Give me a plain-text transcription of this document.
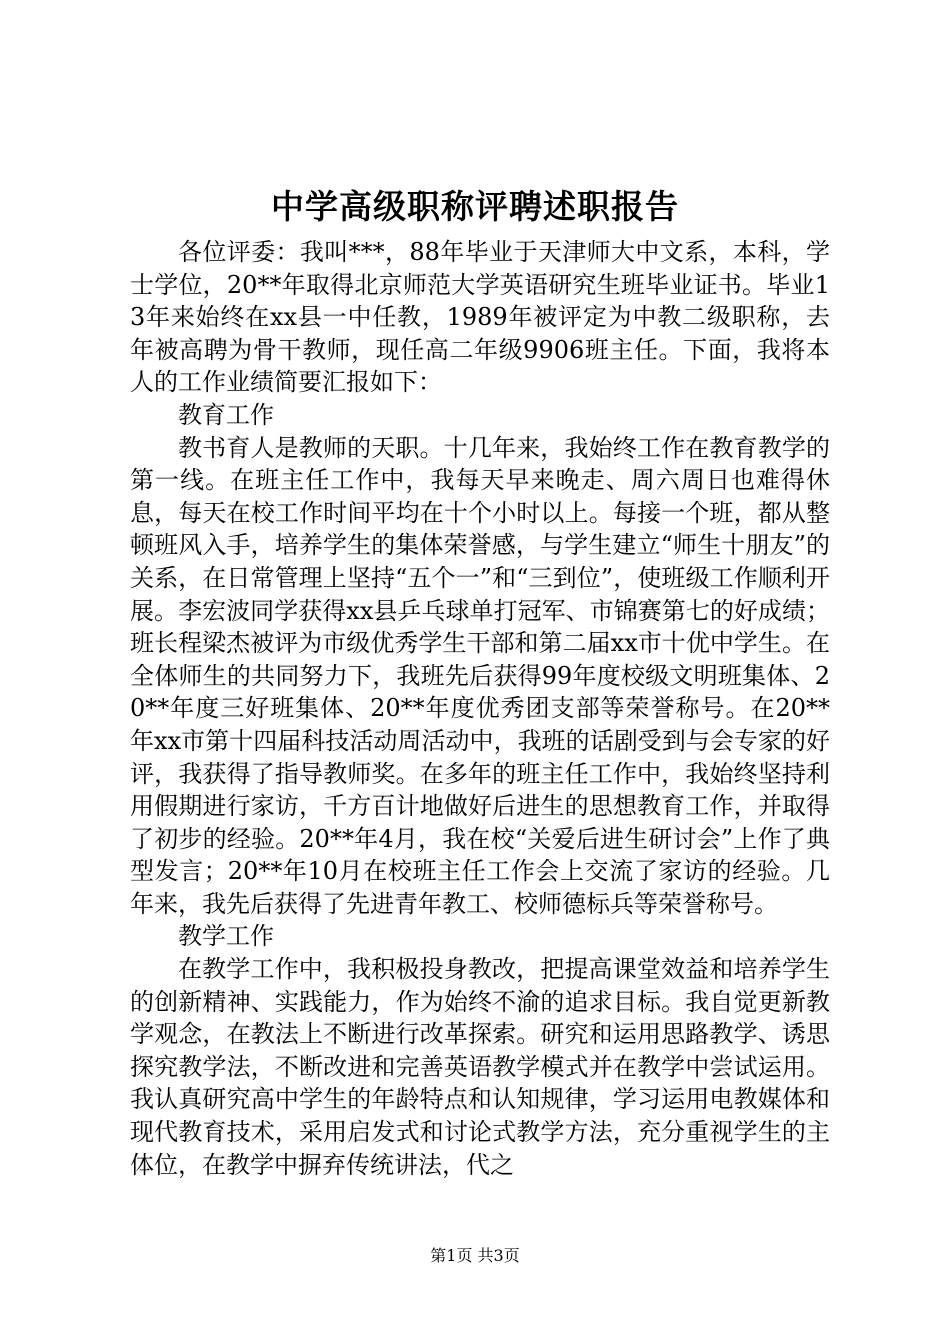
中学高级职称评聘述职报告

各位评委：我叫***，88年毕业于天津师大中文系，本科，学士学位，20**年取得北京师范大学英语研究生班毕业证书。毕业13年来始终在xx县一中任教，1989年被评定为中教二级职称，去年被高聘为骨干教师，现任高二年级9906班主任。下面，我将本人的工作业绩简要汇报如下：

教育工作

教书育人是教师的天职。十几年来，我始终工作在教育教学的第一线。在班主任工作中，我每天早来晚走、周六周日也难得休息，每天在校工作时间平均在十个小时以上。每接一个班，都从整顿班风入手，培养学生的集体荣誉感，与学生建立“师生十朋友”的关系，在日常管理上坚持“五个一”和“三到位”，使班级工作顺利开展。李宏波同学获得xx县乒乓球单打冠军、市锦赛第七的好成绩；班长程梁杰被评为市级优秀学生干部和第二届xx市十优中学生。在全体师生的共同努力下，我班先后获得99年度校级文明班集体、20**年度三好班集体、20**年度优秀团支部等荣誉称号。在20**年xx市第十四届科技活动周活动中，我班的话剧受到与会专家的好评，我获得了指导教师奖。在多年的班主任工作中，我始终坚持利用假期进行家访，千方百计地做好后进生的思想教育工作，并取得了初步的经验。20**年4月，我在校“关爱后进生研讨会”上作了典型发言；20**年10月在校班主任工作会上交流了家访的经验。几年来，我先后获得了先进青年教工、校师德标兵等荣誉称号。

教学工作

在教学工作中，我积极投身教改，把提高课堂效益和培养学生的创新精神、实践能力，作为始终不渝的追求目标。我自觉更新教学观念，在教法上不断进行改革探索。研究和运用思路教学、诱思探究教学法，不断改进和完善英语教学模式并在教学中尝试运用。我认真研究高中学生的年龄特点和认知规律，学习运用电教媒体和现代教育技术，采用启发式和讨论式教学方法，充分重视学生的主体位，在教学中摒弃传统讲法，代之

第1页 共3页
